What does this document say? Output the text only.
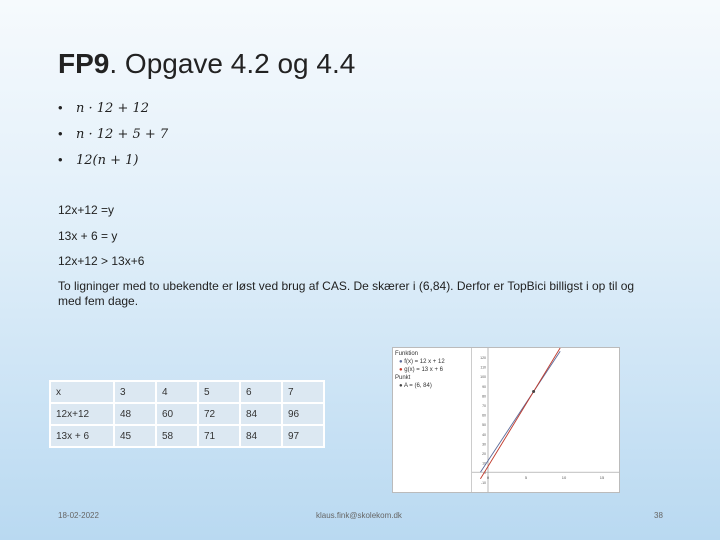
FP9. Opgave 4.2 og 4.4
• n · 12 + 12
• n · 12 + 5 + 7
• 12(n + 1)
12x+12 =y
13x + 6 = y
12x+12 > 13x+6
To ligninger med to ubekendte er løst ved brug af CAS. De skærer i (6,84). Derfor er TopBici billigst i op til og med fem dage.
x	3	4	5	6	7
12x+12	48	60	72	84	96
13x + 6	45	58	71	84	97
Funktion
● f(x) = 12 x + 12
● g(x) = 13 x + 6
Punkt
● A = (6, 84)
120
110
100
90
80
70
60
50
40
30
20
10
0
-10
0	5	10	15
18-02-2022	klaus.fink@skolekom.dk	38
